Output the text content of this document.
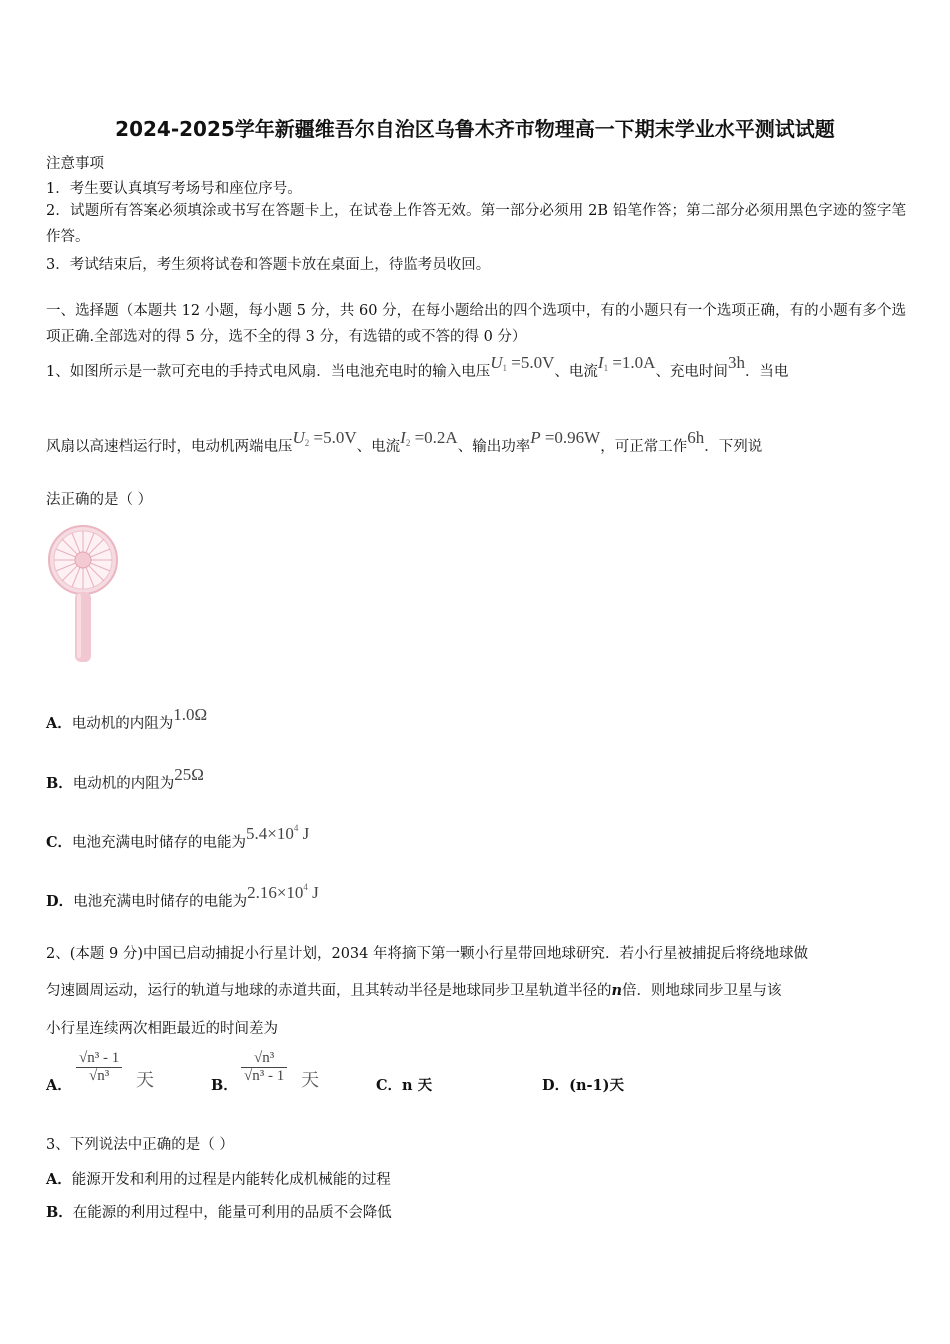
2024-2025学年新疆维吾尔自治区乌鲁木齐市物理高一下期末学业水平测试试题
注意事项
1．考生要认真填写考场号和座位序号。
2．试题所有答案必须填涂或书写在答题卡上，在试卷上作答无效。第一部分必须用 2B 铅笔作答；第二部分必须用黑色字迹的签字笔作答。
3．考试结束后，考生须将试卷和答题卡放在桌面上，待监考员收回。
一、选择题（本题共 12 小题，每小题 5 分，共 60 分，在每小题给出的四个选项中，有的小题只有一个选项正确，有的小题有多个选项正确.全部选对的得 5 分，选不全的得 3 分，有选错的或不答的得 0 分）
1、如图所示是一款可充电的手持式电风扇．当电池充电时的输入电压$U_1 =5.0V$、电流$I_1 =1.0A$、充电时间3h．当电
风扇以高速档运行时，电动机两端电压$U_2 =5.0V$、电流$I_2 =0.2A$、输出功率P =0.96W，可正常工作6h．下列说
法正确的是（ ）
A．电动机的内阻为1.0Ω
B．电动机的内阻为25Ω
C．电池充满电时储存的电能为$5.4\times 10^4$ J
D．电池充满电时储存的电能为$2.16\times 10^4$ J
2、(本题 9 分)中国已启动捕捉小行星计划，2034 年将摘下第一颗小行星带回地球研究．若小行星被捕捉后将绕地球做
匀速圆周运动，运行的轨道与地球的赤道共面，且其转动半径是地球同步卫星轨道半径的n倍．则地球同步卫星与该
小行星连续两次相距最近的时间差为
A．
$\frac{\text{√n³ - 1}}{\text{√n³}}$ 天	B．
$\frac{\text{√n³}}{\text{√n³ - 1}}$ 天	C．n 天	D．(n-1)天
3、下列说法中正确的是（ ）
A．能源开发和利用的过程是内能转化成机械能的过程
B．在能源的利用过程中，能量可利用的品质不会降低
